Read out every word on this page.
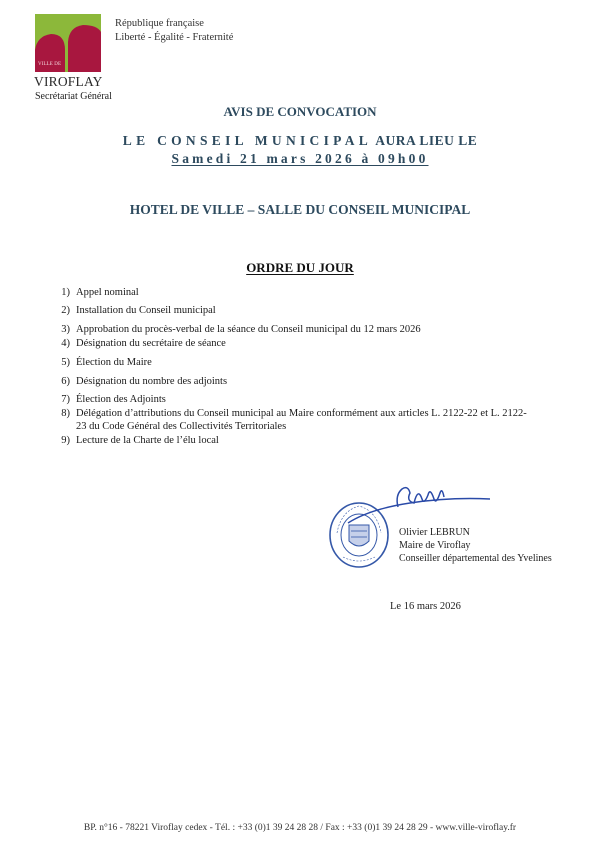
VILLE DE
VIROFLAY
Secrétariat Général
République française
Liberté - Égalité - Fraternité
AVIS DE CONVOCATION
LE CONSEIL MUNICIPAL AURA LIEU LE
Samedi 21 mars 2026 à 09h00
HOTEL DE VILLE – SALLE DU CONSEIL MUNICIPAL
ORDRE DU JOUR
1) Appel nominal
2) Installation du Conseil municipal
3) Approbation du procès-verbal de la séance du Conseil municipal du 12 mars 2026
4) Désignation du secrétaire de séance
5) Élection du Maire
6) Désignation du nombre des adjoints
7) Élection des Adjoints
8) Délégation d’attributions du Conseil municipal au Maire conformément aux articles L. 2122-22 et L. 2122-
23 du Code Général des Collectivités Territoriales
9) Lecture de la Charte de l’élu local
Olivier LEBRUN
Maire de Viroflay
Conseiller départemental des Yvelines
Le 16 mars 2026
BP. n°16 - 78221 Viroflay cedex - Tél. : +33 (0)1 39 24 28 28 / Fax : +33 (0)1 39 24 28 29 - www.ville-viroflay.fr
